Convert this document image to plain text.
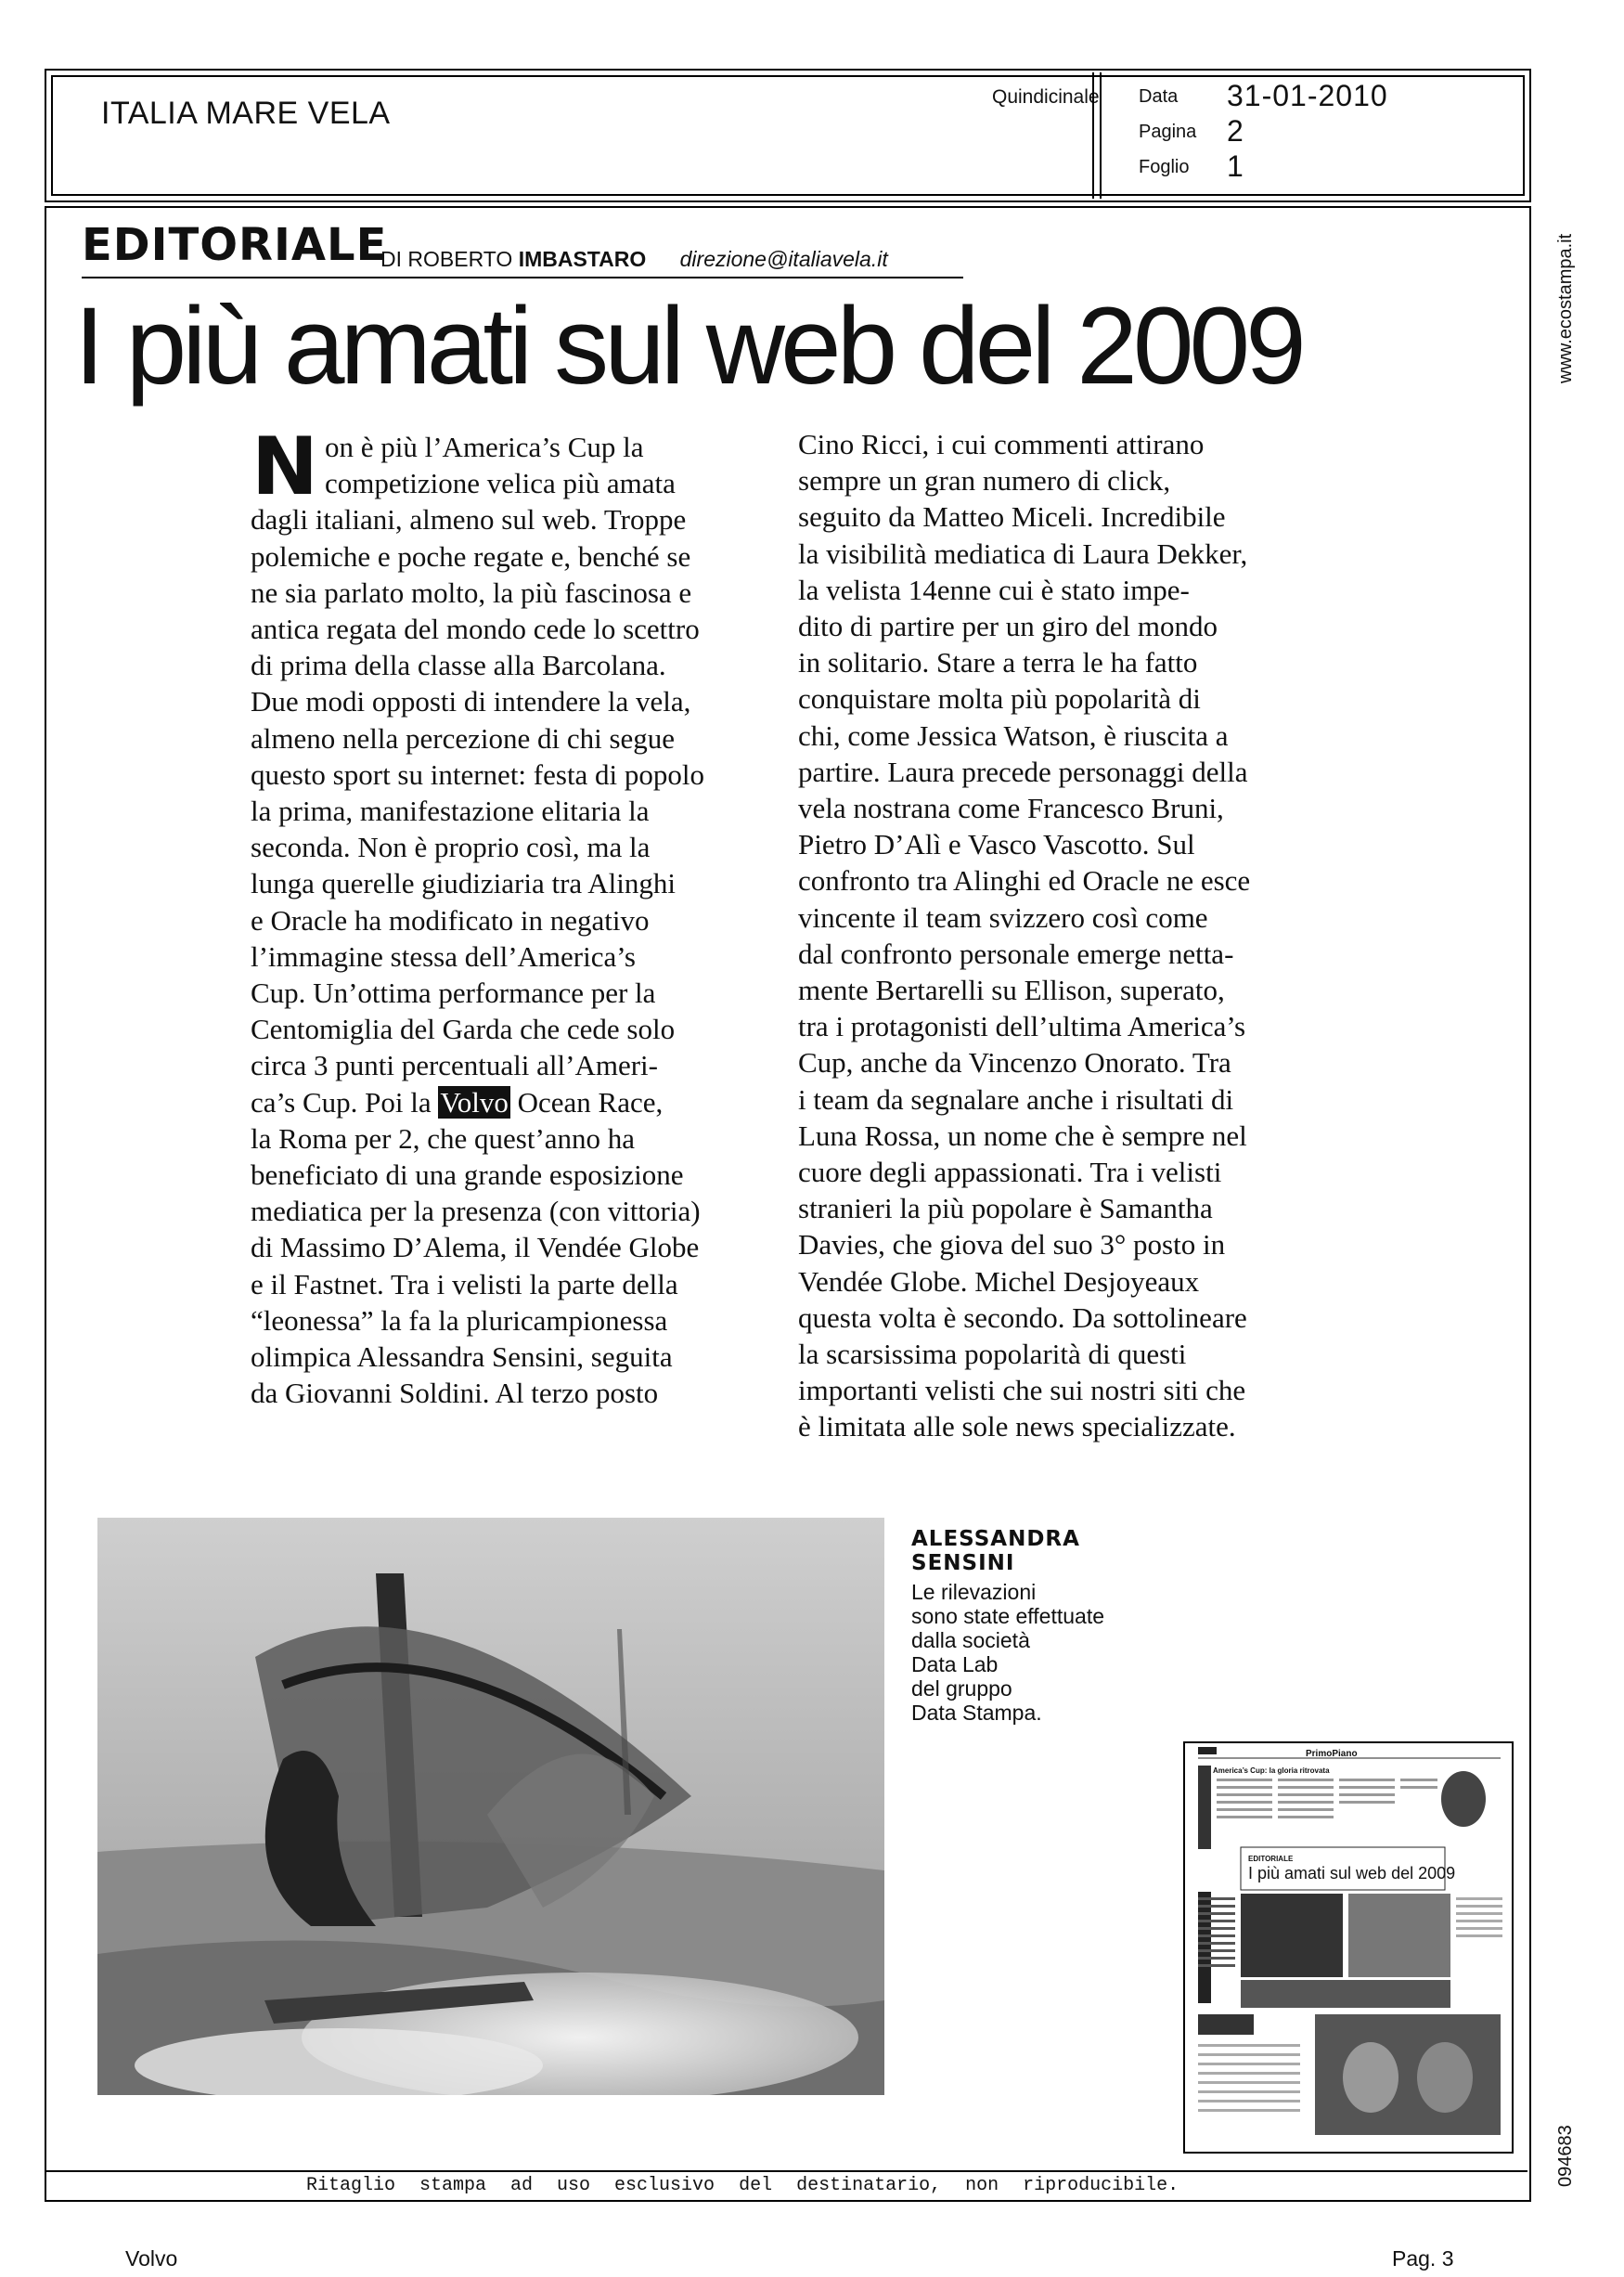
ITALIA MARE VELA	Quindicinale Data 31-01-2010
Pagina 2
Foglio 1
www.ecostampa.it
094683
EDITORIALE
DI ROBERTO IMBASTARO direzione@italiavela.it
I più amati sul web del 2009
N on è più l’America’s Cup la
competizione velica più amata
dagli italiani, almeno sul web. Troppe
polemiche e poche regate e, benché se
ne sia parlato molto, la più fascinosa e
antica regata del mondo cede lo scettro
di prima della classe alla Barcolana.
Due modi opposti di intendere la vela,
almeno nella percezione di chi segue
questo sport su internet: festa di popolo
la prima, manifestazione elitaria la
seconda. Non è proprio così, ma la
lunga querelle giudiziaria tra Alinghi
e Oracle ha modificato in negativo
l’immagine stessa dell’America’s
Cup. Un’ottima performance per la
Centomiglia del Garda che cede solo
circa 3 punti percentuali all’Ameri-
ca’s Cup. Poi la Volvo Ocean Race,
la Roma per 2, che quest’anno ha
beneficiato di una grande esposizione
mediatica per la presenza (con vittoria)
di Massimo D’Alema, il Vendée Globe
e il Fastnet. Tra i velisti la parte della
“leonessa” la fa la pluricampionessa
olimpica Alessandra Sensini, seguita
da Giovanni Soldini. Al terzo posto
Cino Ricci, i cui commenti attirano
sempre un gran numero di click,
seguito da Matteo Miceli. Incredibile
la visibilità mediatica di Laura Dekker,
la velista 14enne cui è stato impe-
dito di partire per un giro del mondo
in solitario. Stare a terra le ha fatto
conquistare molta più popolarità di
chi, come Jessica Watson, è riuscita a
partire. Laura precede personaggi della
vela nostrana come Francesco Bruni,
Pietro D’Alì e Vasco Vascotto. Sul
confronto tra Alinghi ed Oracle ne esce
vincente il team svizzero così come
dal confronto personale emerge netta-
mente Bertarelli su Ellison, superato,
tra i protagonisti dell’ultima America’s
Cup, anche da Vincenzo Onorato. Tra
i team da segnalare anche i risultati di
Luna Rossa, un nome che è sempre nel
cuore degli appassionati. Tra i velisti
stranieri la più popolare è Samantha
Davies, che giova del suo 3° posto in
Vendée Globe. Michel Desjoyeaux
questa volta è secondo. Da sottolineare
la scarsissima popolarità di questi
importanti velisti che sui nostri siti che
è limitata alle sole news specializzate.
ALESSANDRA
SENSINI
Le rilevazioni
sono state effettuate
dalla società
Data Lab
del gruppo
Data Stampa.
PrimoPiano
America’s Cup: la gloria ritrovata
EDITORIALE
I più amati sul web del 2009
Ritaglio stampa ad uso esclusivo del destinatario, non riproducibile.
Volvo	Pag. 3
